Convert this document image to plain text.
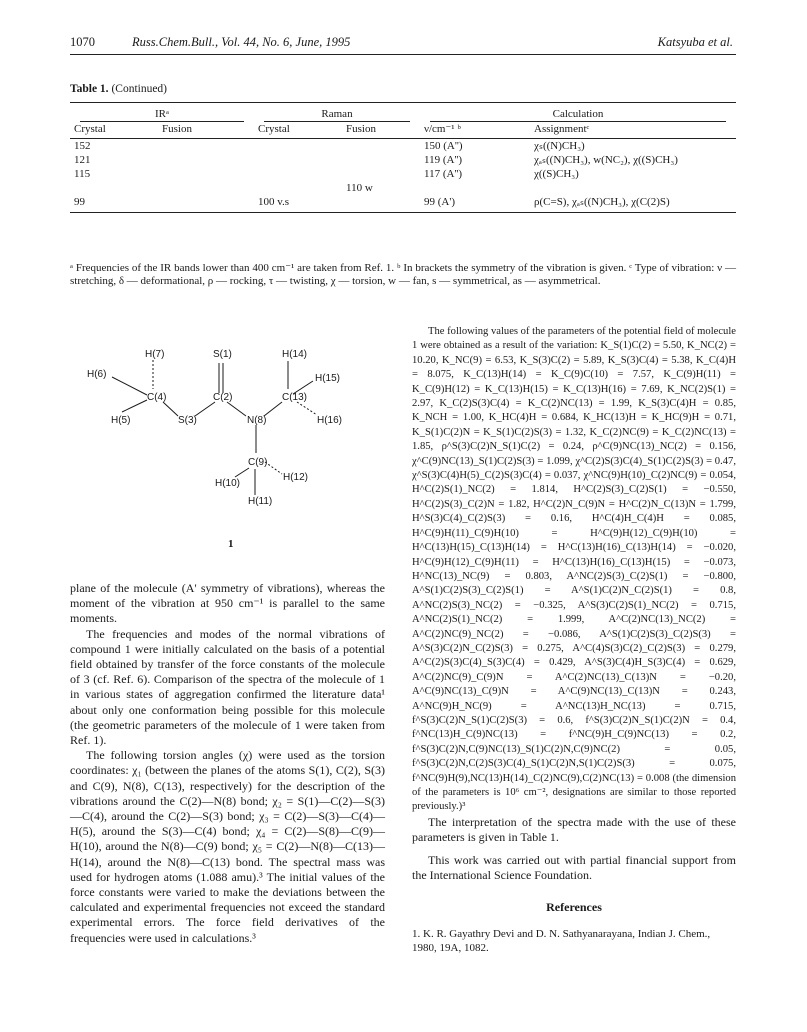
1070	Russ.Chem.Bull., Vol. 44, No. 6, June, 1995	Katsyuba et al.
Table 1. (Continued)
IRᵃ		Raman		Calculation	

Crystal	Fusion	Crystal	Fusion	ν/cm⁻¹ ᵇ	Assignmentᶜ
152				150 (A'')	χₛ((N)CH₃)
121				119 (A'')	χₐₛ((N)CH₃), w(NC₂), χ((S)CH₃)
115				117 (A'')	χ((S)CH₃)
			110 w		
99		100 v.s		99 (A')	ρ(C=S), χₐₛ((N)CH₃), χ(C(2)S)
ᵃ Frequencies of the IR bands lower than 400 cm⁻¹ are taken from Ref. 1. ᵇ In brackets the symmetry of the vibration is given. ᶜ Type of vibration: ν — stretching, δ — deformational, ρ — rocking, τ — twisting, χ — torsion, w — fan, s — symmetrical, as — asymmetrical.
H(7)	S(1)	H(14)
H(6)	H(15)
C(4)	C(2)	C(13)
H(5)	S(3)	N(8)	H(16)
C(9)
H(10)
H(12)
H(11)
1

plane of the molecule (A' symmetry of vibrations), whereas the moment of the vibration at 950 cm⁻¹ is parallel to the same moments.

The frequencies and modes of the normal vibrations of compound 1 were initially calculated on the basis of a potential field obtained by transfer of the force constants of the molecule of 3 (cf. Ref. 6). Comparison of the spectra of the molecule of 1 in various states of aggregation confirmed the literature data¹ about only one conformation being possible for this molecule (the geometric parameters of the molecule of 1 were taken from Ref. 1).

The following torsion angles (χ) were used as the torsion coordinates: χ₁ (between the planes of the atoms S(1), C(2), S(3) and C(9), N(8), C(13), respectively) for the description of the vibrations around the C(2)—N(8) bond; χ₂ = S(1)—C(2)—S(3)—C(4), around the C(2)—S(3) bond; χ₃ = C(2)—S(3)—C(4)—H(5), around the S(3)—C(4) bond; χ₄ = C(2)—S(8)—C(9)—H(10), around the N(8)—C(9) bond; χ₅ = C(2)—N(8)—C(13)—H(14), around the N(8)—C(13) bond. The spectral mass was used for hydrogen atoms (1.088 amu).³ The initial values of the force constants were varied to make the deviations between the calculated and experimental frequencies not exceed the standard experimental errors. The force field derivatives of the frequencies were used in calculations.³

The following values of the parameters of the potential field of molecule 1 were obtained as a result of the variation: K_S(1)C(2) = 5.50, K_NC(2) = 10.20, K_NC(9) = 6.53, K_S(3)C(2) = 5.89, K_S(3)C(4) = 5.38, K_C(4)H = 8.075, K_C(13)H(14) = K_C(9)C(10) = 7.57, K_C(9)H(11) = K_C(9)H(12) = K_C(13)H(15) = K_C(13)H(16) = 7.69, K_NC(2)S(1) = 2.97, K_C(2)S(3)C(4) = K_C(2)NC(13) = 1.99, K_S(3)C(4)H = 0.85, K_NCH = 1.00, K_HC(4)H = 0.684, K_HC(13)H = K_HC(9)H = 0.71, K_S(1)C(2)N = K_S(1)C(2)S(3) = 1.32, K_C(2)NC(9) = K_C(2)NC(13) = 1.85, ρ^S(3)C(2)N_S(1)C(2) = 0.24, ρ^C(9)NC(13)_NC(2) = 0.156, χ^C(9)NC(13)_S(1)C(2)S(3) = 1.099, χ^C(2)S(3)C(4)_S(1)C(2)S(3) = 0.47, χ^S(3)C(4)H(5)_C(2)S(3)C(4) = 0.037, χ^NC(9)H(10)_C(2)NC(9) = 0.054, H^C(2)S(1)_NC(2) = 1.814, H^C(2)S(3)_C(2)S(1) = −0.550, H^C(2)S(3)_C(2)N = 1.82, H^C(2)N_C(9)N = H^C(2)N_C(13)N = 1.799, H^S(3)C(4)_C(2)S(3) = 0.16, H^C(4)H_C(4)H = 0.085, H^C(9)H(11)_C(9)H(10) = H^C(9)H(12)_C(9)H(10) = H^C(13)H(15)_C(13)H(14) = H^C(13)H(16)_C(13)H(14) = −0.020, H^C(9)H(12)_C(9)H(11) = H^C(13)H(16)_C(13)H(15) = −0.073, H^NC(13)_NC(9) = 0.803, A^NC(2)S(3)_C(2)S(1) = −0.800, A^S(1)C(2)S(3)_C(2)S(1) = A^S(1)C(2)N_C(2)S(1) = 0.8, A^NC(2)S(3)_NC(2) = −0.325, A^S(3)C(2)S(1)_NC(2) = 0.715, A^NC(2)S(1)_NC(2) = 1.999, A^C(2)NC(13)_NC(2) = A^C(2)NC(9)_NC(2) = −0.086, A^S(1)C(2)S(3)_C(2)S(3) = A^S(3)C(2)N_C(2)S(3) = 0.275, A^C(4)S(3)C(2)_C(2)S(3) = 0.279, A^C(2)S(3)C(4)_S(3)C(4) = 0.429, A^S(3)C(4)H_S(3)C(4) = 0.629, A^C(2)NC(9)_C(9)N = A^C(2)NC(13)_C(13)N = −0.20, A^C(9)NC(13)_C(9)N = A^C(9)NC(13)_C(13)N = 0.243, A^NC(9)H_NC(9) = A^NC(13)H_NC(13) = 0.715, f^S(3)C(2)N_S(1)C(2)S(3) = 0.6, f^S(3)C(2)N_S(1)C(2)N = 0.4, f^NC(13)H_C(9)NC(13) = f^NC(9)H_C(9)NC(13) = 0.2, f^S(3)C(2)N,C(9)NC(13)_S(1)C(2)N,C(9)NC(2) = 0.05, f^S(3)C(2)N,C(2)S(3)C(4)_S(1)C(2)N,S(1)C(2)S(3) = 0.075, f^NC(9)H(9),NC(13)H(14)_C(2)NC(9),C(2)NC(13) = 0.008 (the dimension of the parameters is 10⁶ cm⁻², designations are similar to those reported previously.)³

The interpretation of the spectra made with the use of these parameters is given in Table 1.

This work was carried out with partial financial support from the International Science Foundation.

References
1. K. R. Gayathry Devi and D. N. Sathyanarayana, Indian J. Chem., 1980, 19A, 1082.
